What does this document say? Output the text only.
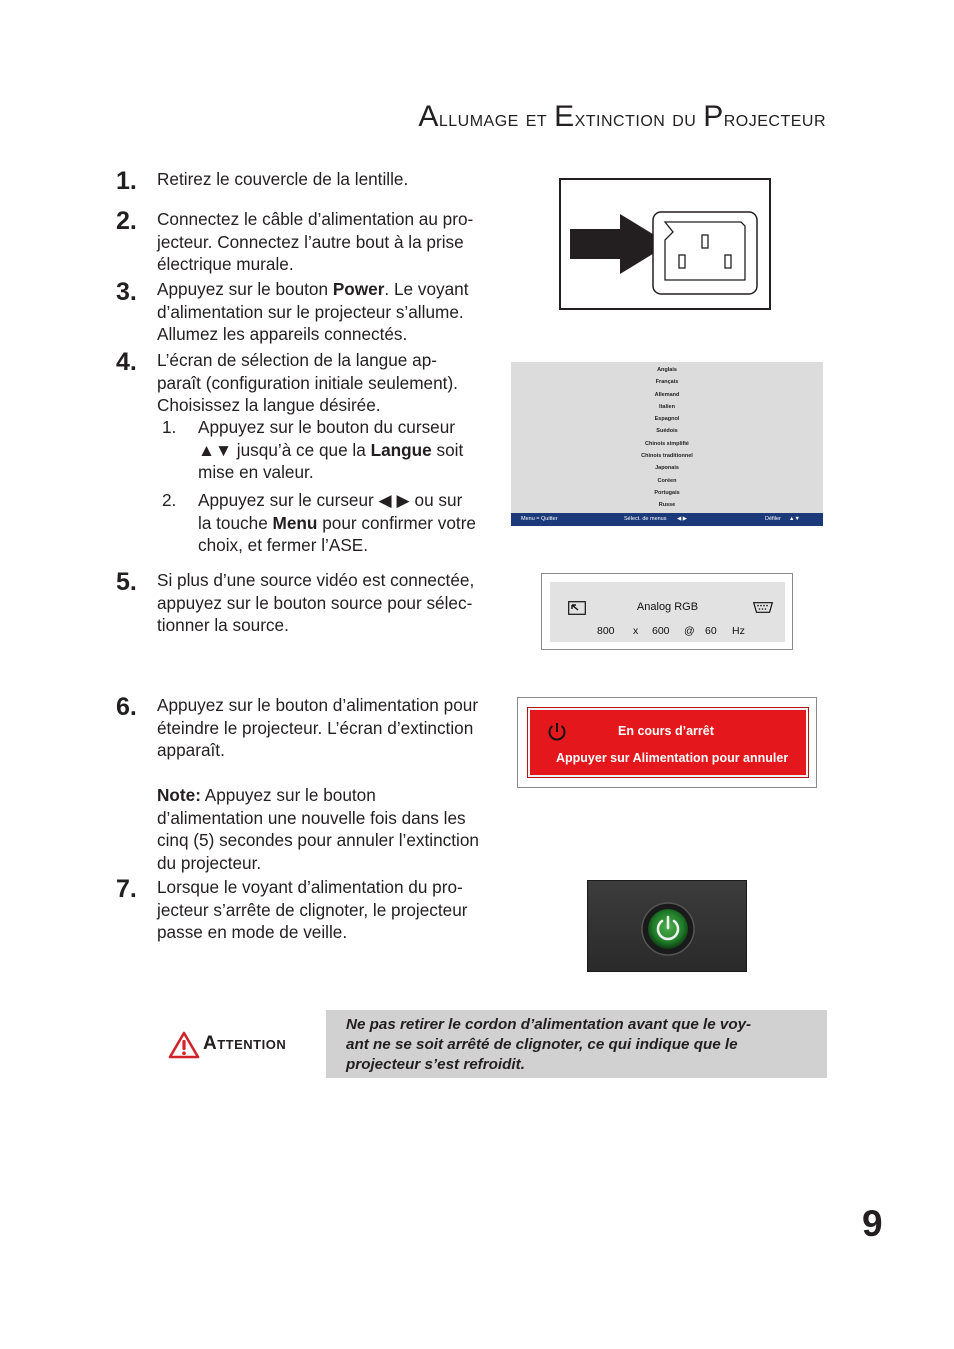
Allumage et Extinction du Projecteur
1. Retirez le couvercle de la lentille.
2. Connectez le câble d’alimentation au pro-
jecteur. Connectez l’autre bout à la prise
électrique murale.
3. Appuyez sur le bouton Power. Le voyant
d’alimentation sur le projecteur s’allume.
Allumez les appareils connectés.
4. L’écran de sélection de la langue ap-
paraît (configuration initiale seulement).
Choisissez la langue désirée.
1. Appuyez sur le bouton du curseur
▲▼ jusqu’à ce que la Langue soit
mise en valeur.
2. Appuyez sur le curseur ◀ ▶ ou sur
la touche Menu pour confirmer votre
choix, et fermer l’ASE.
5. Si plus d’une source vidéo est connectée,
appuyez sur le bouton source pour sélec-
tionner la source.
6. Appuyez sur le bouton d’alimentation pour
éteindre le projecteur. L’écran d’extinction
apparaît.
Note: Appuyez sur le bouton
d’alimentation une nouvelle fois dans les
cinq (5) secondes pour annuler l’extinction
du projecteur.
7. Lorsque le voyant d’alimentation du pro-
jecteur s’arrête de clignoter, le projecteur
passe en mode de veille.
Anglais
Français
Allemand
Italien
Espagnol
Suédois
Chinois simplifié
Chinois traditionnel
Japonais
Coréen
Portugais
Russe
Menu = Quitter	Sélect. de menus ◀ ▶	Défiler ▲▼
Analog RGB
800 x 600 @ 60 Hz
En cours d’arrêt
Appuyer sur Alimentation pour annuler
Attention
Ne pas retirer le cordon d’alimentation avant que le voy-
ant ne se soit arrêté de clignoter, ce qui indique que le
projecteur s’est refroidit.
9
